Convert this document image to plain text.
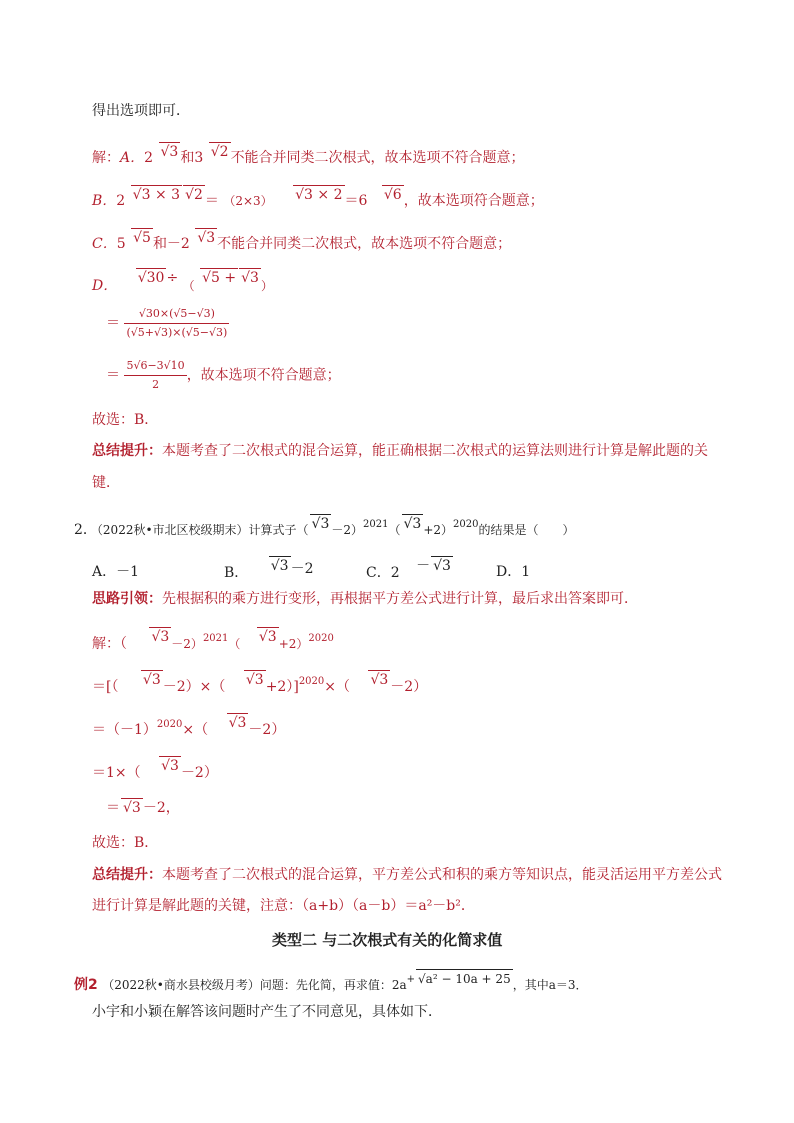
得出选项即可．
解：A．2 √ 3 和3 √ 2 不能合并同类二次根式，故本选项不符合题意；
B．2 √ 3 × 3 √ 2 ＝ （2×3） √ 3 × 2 ＝6 √ 6 ，故本选项符合题意；
C．5 √ 5 和－2 √ 3 不能合并同类二次根式，故本选项不符合题意；
D． √ 30 ÷ （ √ 5 +√ 3 ）
＝ $\frac{√30\times(√5-√3)}{(√5+√3)\times(√5-√3)}$
＝ $\frac{5√6-3√10}{2}$ ，故本选项不符合题意；
故选：B．
总结提升：本题考查了二次根式的混合运算，能正确根据二次根式的运算法则进行计算是解此题的关
键．
2．（2022秋•市北区校级期末）计算式子（ √ 3 －2）$^{2021}$（ √ 3 +2）$^{2020}$的结果是（　　）
A．－1	B． √ 3 －2	C．2 － √ 3	D．1
思路引领：先根据积的乘方进行变形，再根据平方差公式进行计算，最后求出答案即可．
解：（ √ 3 －2）$^{2021}$（ √ 3 +2）$^{2020}$
＝[（ √ 3 －2）×（ √ 3 +2）]$^{2020}$×（ √ 3 －2）
$=(-1)^{2020}\times$（ √ 3 －2）
＝1×（ √ 3 －2）
＝ √ 3 －2，
故选：B．
总结提升：本题考查了二次根式的混合运算，平方差公式和积的乘方等知识点，能灵活运用平方差公式
进行计算是解此题的关键，注意：（a+b）（a－b）＝a²－b²．
类型二 与二次根式有关的化简求值
例2 （2022秋•商水县校级月考）问题：先化简，再求值：2a+ √ a² − 10a + 25 ，其中a＝3．
小宇和小颖在解答该问题时产生了不同意见，具体如下．
